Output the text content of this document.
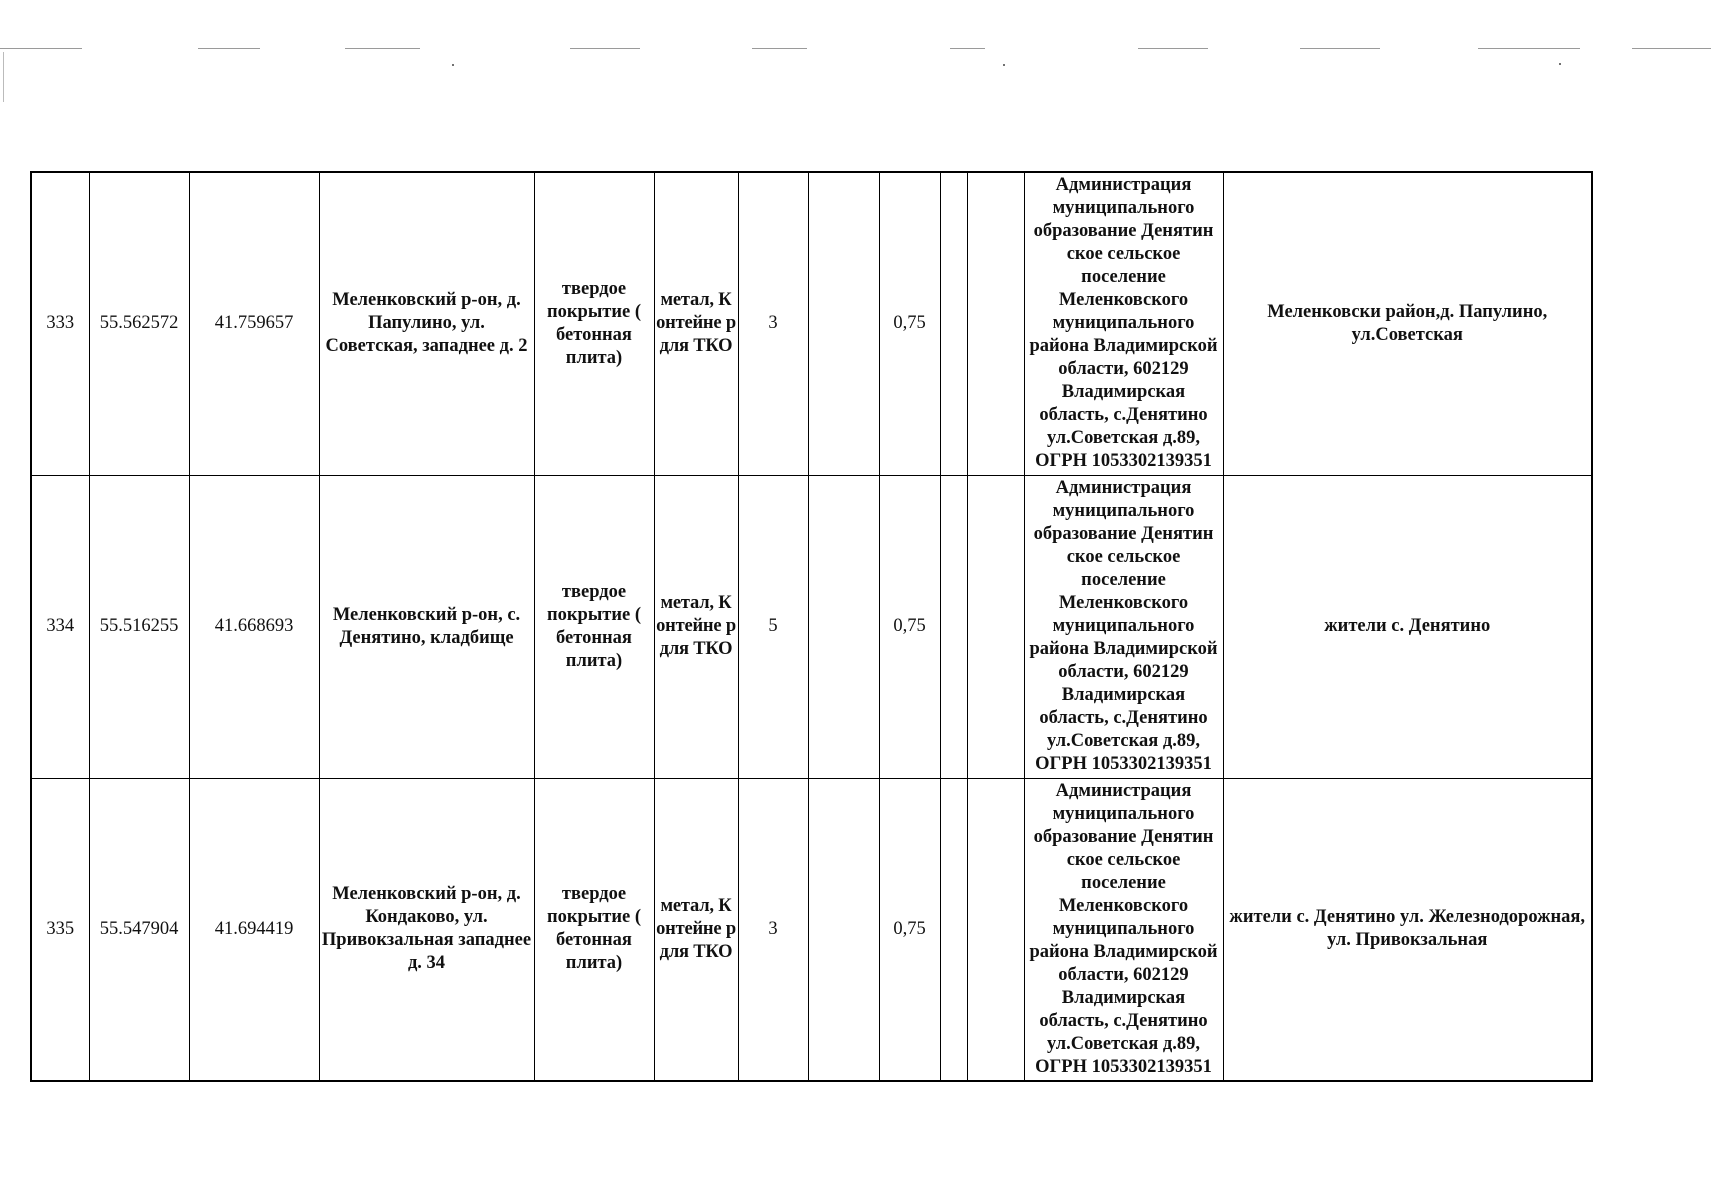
333	55.562572	41.759657	Меленковский р-он, д. Папулино, ул. Советская, западнее д. 2	твердое покрытие ( бетонная плита)	метал, К онтейне р для ТКО	3		0,75			Администрация муниципального образование Денятин ское сельское поселение Меленковского муниципального района Владимирской области, 602129 Владимирская область, с.Денятино ул.Советская д.89, ОГРН 1053302139351	Меленковски район,д. Папулино, ул.Советская
334	55.516255	41.668693	Меленковский р-он, с. Денятино, кладбище	твердое покрытие ( бетонная плита)	метал, К онтейне р для ТКО	5		0,75			Администрация муниципального образование Денятин ское сельское поселение Меленковского муниципального района Владимирской области, 602129 Владимирская область, с.Денятино ул.Советская д.89, ОГРН 1053302139351	жители с. Денятино
335	55.547904	41.694419	Меленковский р-он, д. Кондаково, ул. Привокзальная западнее д. 34	твердое покрытие ( бетонная плита)	метал, К онтейне р для ТКО	3		0,75			Администрация муниципального образование Денятин ское сельское поселение Меленковского муниципального района Владимирской области, 602129 Владимирская область, с.Денятино ул.Советская д.89, ОГРН 1053302139351	жители с. Денятино ул. Железнодорожная, ул. Привокзальная
